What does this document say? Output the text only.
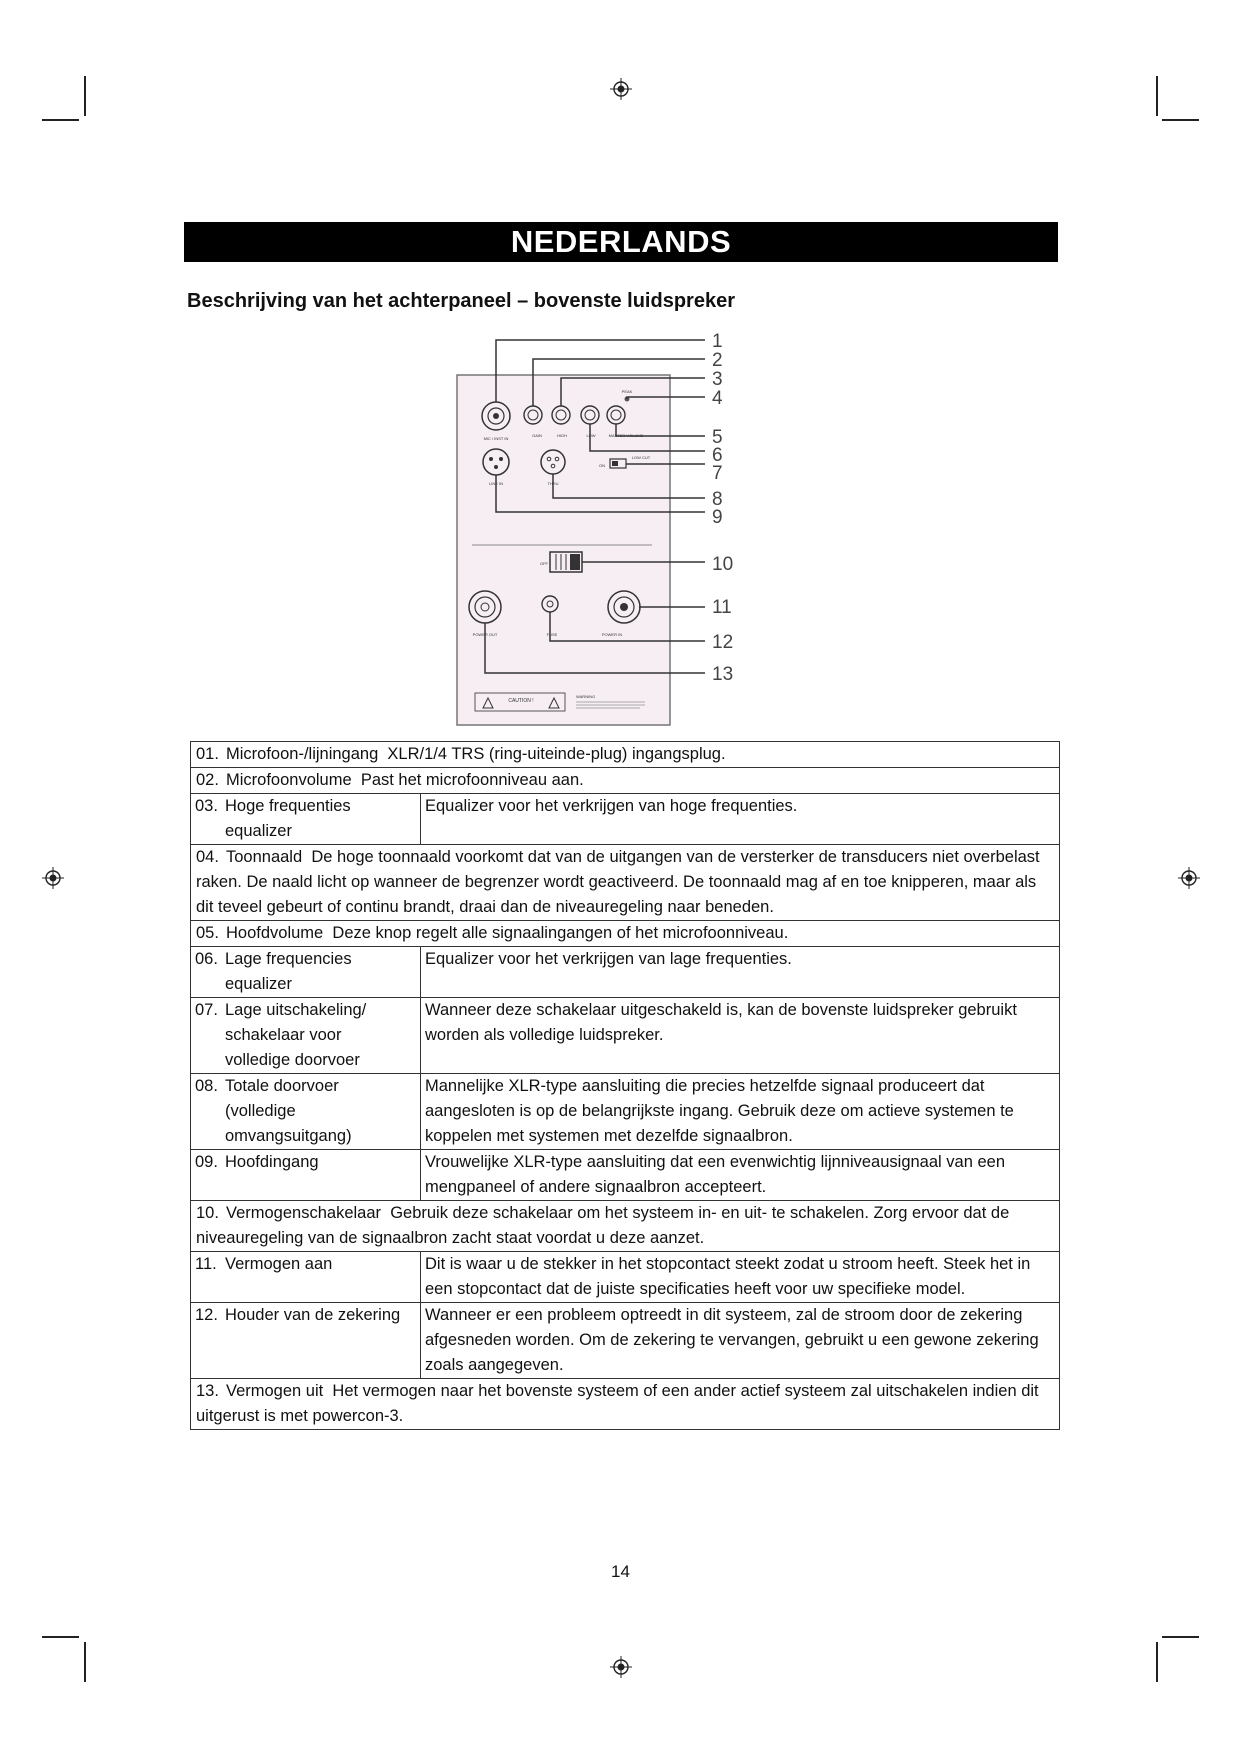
NEDERLANDS
Beschrijving van het achterpaneel – bovenste luidspreker
MIC / INST IN
GAIN	HIGH	LOW	MASTER VOLUME
PEAK
ON
LOW CUT
LINE IN	THRU
OFF
POWER OUT	FUSE	POWER IN
CAUTION !
WARNING
1
2
3
4
5
6
7
8
9
10
11
12
13
01. Microfoon-/lijningang XLR/1/4 TRS (ring-uiteinde-plug) ingangsplug.	
02. Microfoonvolume Past het microfoonniveau aan.	
03. Hoge frequenties equalizer	Equalizer voor het verkrijgen van hoge frequenties.
04. Toonnaald De hoge toonnaald voorkomt dat van de uitgangen van de versterker de transducers niet overbelast raken. De naald licht op wanneer de begrenzer wordt geactiveerd. De toonnaald mag af en toe knipperen, maar als dit teveel gebeurt of continu brandt, draai dan de niveauregeling naar beneden.	
05. Hoofdvolume Deze knop regelt alle signaalingangen of het microfoonniveau.	
06. Lage frequencies equalizer	Equalizer voor het verkrijgen van lage frequenties.
07. Lage uitschakeling/ schakelaar voor volledige doorvoer	Wanneer deze schakelaar uitgeschakeld is, kan de bovenste luidspreker gebruikt worden als volledige luidspreker.
08. Totale doorvoer (volledige omvangsuitgang)	Mannelijke XLR-type aansluiting die precies hetzelfde signaal produceert dat aangesloten is op de belangrijkste ingang. Gebruik deze om actieve systemen te koppelen met systemen met dezelfde signaalbron.
09. Hoofdingang	Vrouwelijke XLR-type aansluiting dat een evenwichtig lijnniveausignaal van een mengpaneel of andere signaalbron accepteert.
10. Vermogenschakelaar Gebruik deze schakelaar om het systeem in- en uit- te schakelen. Zorg ervoor dat de niveauregeling van de signaalbron zacht staat voordat u deze aanzet.	
11. Vermogen aan	Dit is waar u de stekker in het stopcontact steekt zodat u stroom heeft. Steek het in een stopcontact dat de juiste specificaties heeft voor uw specifieke model.
12. Houder van de zekering	Wanneer er een probleem optreedt in dit systeem, zal de stroom door de zekering afgesneden worden. Om de zekering te vervangen, gebruikt u een gewone zekering zoals aangegeven.
13. Vermogen uit Het vermogen naar het bovenste systeem of een ander actief systeem zal uitschakelen indien dit uitgerust is met powercon-3.	
14
